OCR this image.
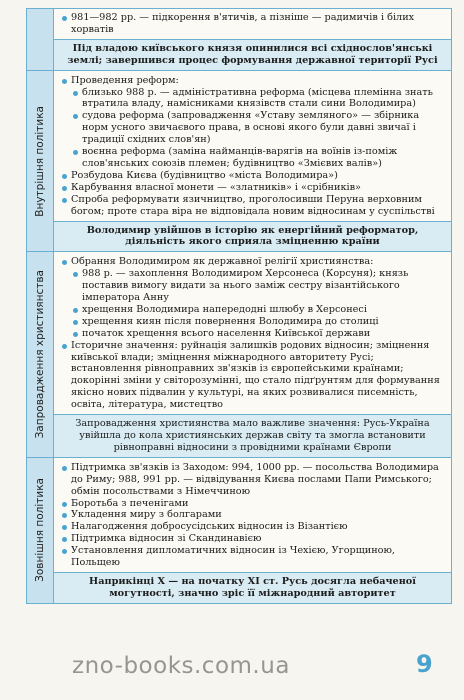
981—982 рр. — підкорення в'ятичів, а пізніше — радимичів і білих хорватів

Під владою київського князя опинилися всі східнослов'янські землі; завершився процес формування державної території Русі
Внутрішня політика

Проведення реформ:

близько 988 р. — адміністративна реформа (місцева племінна знать втратила владу, намісниками князівств стали сини Володимира)

судова реформа (запровадження «Уставу земляного» — збірника норм усного звичаєвого права, в основі якого були давні звичаї і традиції східних слов'ян)

воєнна реформа (заміна найманців-варягів на воїнів із-поміж слов'янських союзів племен; будівництво «Змієвих валів»)

Розбудова Києва (будівництво «міста Володимира»)

Карбування власної монети — «златників» і «срібників»

Спроба реформувати язичництво, проголосивши Перуна верховним богом; проте стара віра не відповідала новим відносинам у суспільстві

Володимир увійшов в історію як енергійний реформатор, діяльність якого сприяла зміцненню країни
Запровадження християнства

Обрання Володимиром як державної релігії християнства:

988 р. — захоплення Володимиром Херсонеса (Корсуня); князь поставив вимогу видати за нього заміж сестру візантійського імператора Анну

хрещення Володимира напередодні шлюбу в Херсонесі

хрещення киян після повернення Володимира до столиці

початок хрещення всього населення Київської держави

Історичне значення: руйнація залишків родових відносин; зміцнення київської влади; зміцнення міжнародного авторитету Русі; встановлення рівноправних зв'язків із європейськими країнами; докорінні зміни у світорозумінні, що стало підґрунтям для формування якісно нових підвалин у культурі, на яких розвивалися писемність, освіта, література, мистецтво

Запровадження християнства мало важливе значення: Русь-Україна увійшла до кола християнських держав світу та змогла встановити рівноправні відносини з провідними країнами Європи
Зовнішня політика

Підтримка зв'язків із Заходом: 994, 1000 рр. — посольства Володимира до Риму; 988, 991 рр. — відвідування Києва послами Папи Римського; обмін посольствами з Німеччиною

Боротьба з печенігами

Укладення миру з болгарами

Налагодження добросусідських відносин із Візантією

Підтримка відносин зі Скандинавією

Установлення дипломатичних відносин із Чехією, Угорщиною, Польщею

Наприкінці X — на початку XI ст. Русь досягла небаченої могутності, значно зріс її міжнародний авторитет
zno-books.com.ua	9
